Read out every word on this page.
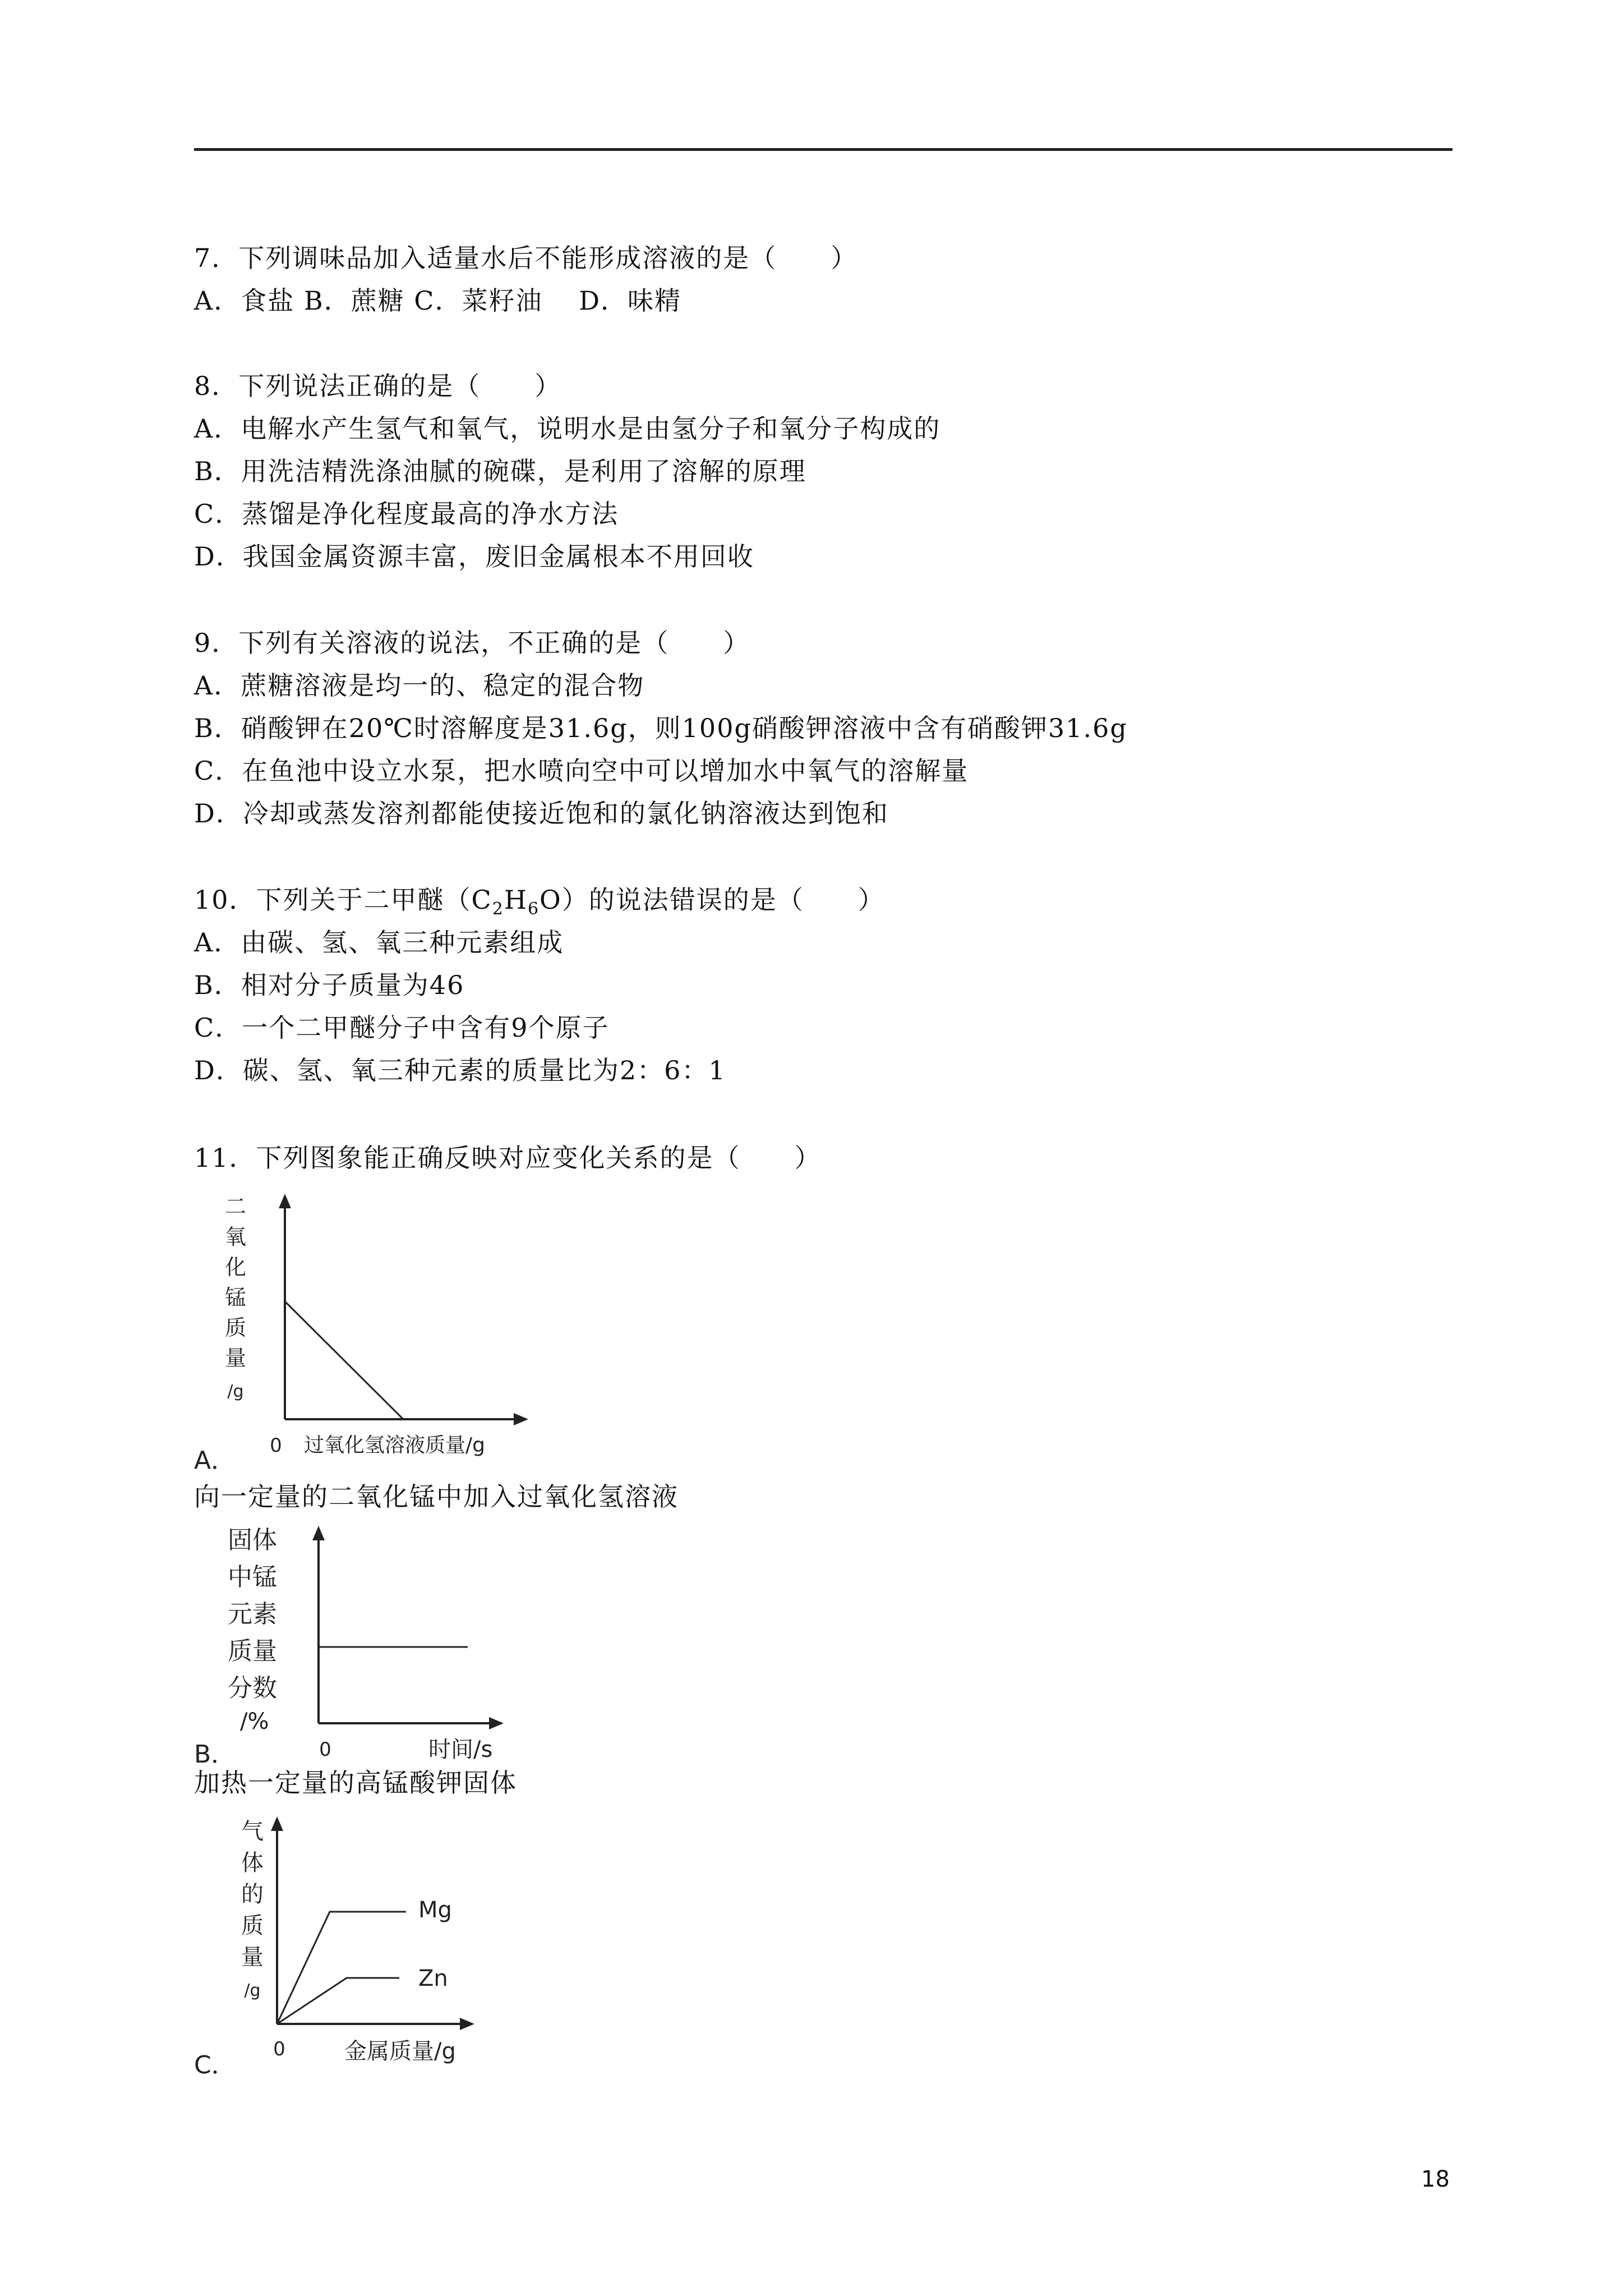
7．下列调味品加入适量水后不能形成溶液的是（　　）
A．食盐 B．蔗糖 C．菜籽油　 D．味精
8．下列说法正确的是（　　）
A．电解水产生氢气和氧气，说明水是由氢分子和氧分子构成的
B．用洗洁精洗涤油腻的碗碟，是利用了溶解的原理
C．蒸馏是净化程度最高的净水方法
D．我国金属资源丰富，废旧金属根本不用回收
9．下列有关溶液的说法，不正确的是（　　）
A．蔗糖溶液是均一的、稳定的混合物
B．硝酸钾在20℃时溶解度是31.6g，则100g硝酸钾溶液中含有硝酸钾31.6g
C．在鱼池中设立水泵，把水喷向空中可以增加水中氧气的溶解量
D．冷却或蒸发溶剂都能使接近饱和的氯化钠溶液达到饱和
10．下列关于二甲醚$(C_2H_6O)$的说法错误的是（　　）
A．由碳、氢、氧三种元素组成
B．相对分子质量为46
C．一个二甲醚分子中含有9个原子
D．碳、氢、氧三种元素的质量比为2：6：1
11．下列图象能正确反映对应变化关系的是（　　）
二
氧
化
锰
质
量
/g
0 过氧化氢溶液质量/g
A．
向一定量的二氧化锰中加入过氧化氢溶液
固体
中锰
元素
质量
分数
/%
0	时间/s
B．
加热一定量的高锰酸钾固体
气
体
的
质
量
/g
Mg
Zn
0	金属质量/g
C．
18
